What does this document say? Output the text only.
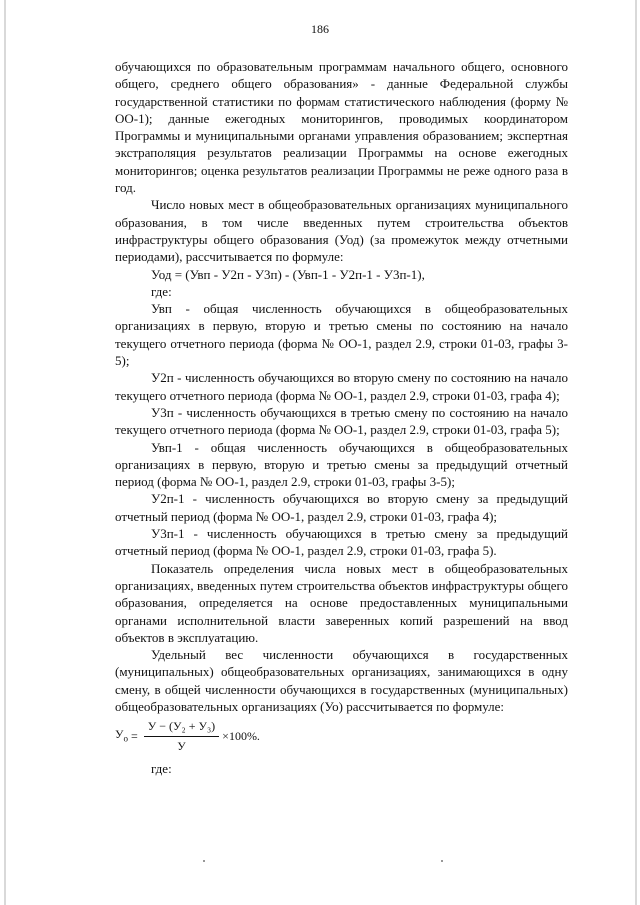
186

обучающихся по образовательным программам начального общего, основного общего, среднего общего образования» - данные Федеральной службы государственной статистики по формам статистического наблюдения (форму № ОО-1); данные ежегодных мониторингов, проводимых координатором Программы и муниципальными органами управления образованием; экспертная экстраполяция результатов реализации Программы на основе ежегодных мониторингов; оценка результатов реализации Программы не реже одного раза в год.

Число новых мест в общеобразовательных организациях муниципального образования, в том числе введенных путем строительства объектов инфраструктуры общего образования (Уод) (за промежуток между отчетными периодами), рассчитывается по формуле:

Уод = (Увп - У2п - У3п) - (Увп-1 - У2п-1 - У3п-1),

где:

Увп - общая численность обучающихся в общеобразовательных организациях в первую, вторую и третью смены по состоянию на начало текущего отчетного периода (форма № ОО-1, раздел 2.9, строки 01-03, графы 3-5);

У2п - численность обучающихся во вторую смену по состоянию на начало текущего отчетного периода (форма № ОО-1, раздел 2.9, строки 01-03, графа 4);

У3п - численность обучающихся в третью смену по состоянию на начало текущего отчетного периода (форма № ОО-1, раздел 2.9, строки 01-03, графа 5);

Увп-1 - общая численность обучающихся в общеобразовательных организациях в первую, вторую и третью смены за предыдущий отчетный период (форма № ОО-1, раздел 2.9, строки 01-03, графы 3-5);

У2п-1 - численность обучающихся во вторую смену за предыдущий отчетный период (форма № ОО-1, раздел 2.9, строки 01-03, графа 4);

У3п-1 - численность обучающихся в третью смену за предыдущий отчетный период (форма № ОО-1, раздел 2.9, строки 01-03, графа 5).

Показатель определения числа новых мест в общеобразовательных организациях, введенных путем строительства объектов инфраструктуры общего образования, определяется на основе предоставленных муниципальными органами исполнительной власти заверенных копий разрешений на ввод объектов в эксплуатацию.

Удельный вес численности обучающихся в государственных (муниципальных) общеобразовательных организациях, занимающихся в одну смену, в общей численности обучающихся в государственных (муниципальных) общеобразовательных организациях (Уо) рассчитывается по формуле:

$У_о = \frac{\text{У − (У₂ + У₃)}}{У} \times 100\%$.

где:
